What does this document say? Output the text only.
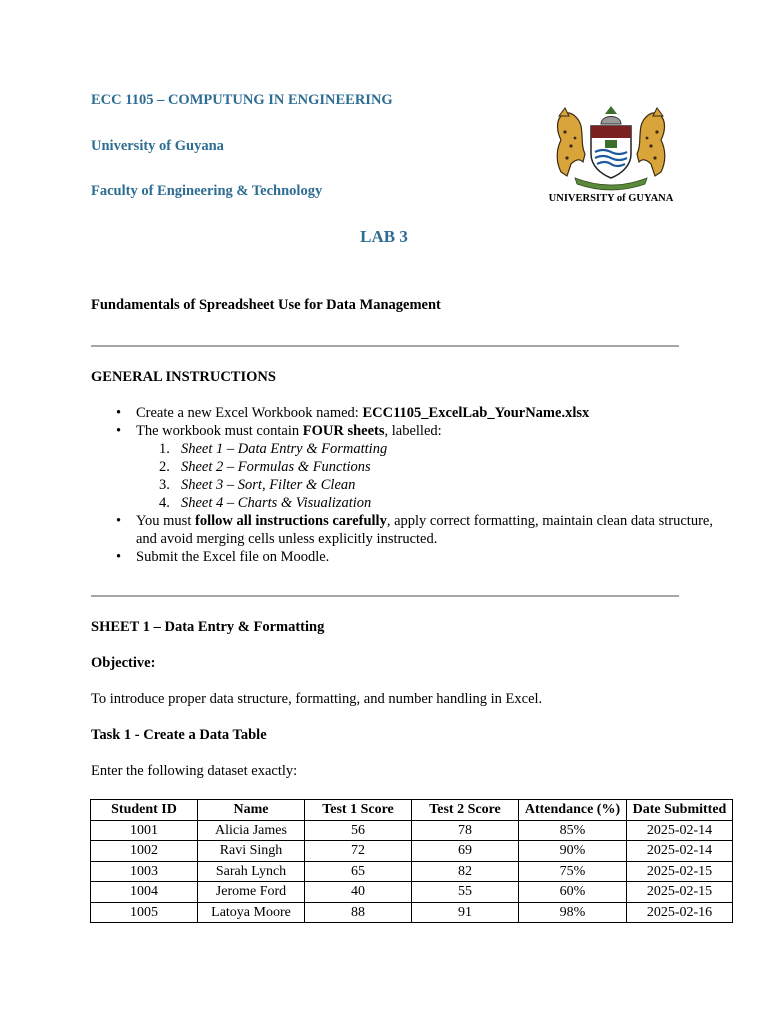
ECC 1105 – COMPUTUNG IN ENGINEERING
University of Guyana
Faculty of Engineering & Technology	UNIVERSITY of GUYANA
LAB 3
Fundamentals of Spreadsheet Use for Data Management
GENERAL INSTRUCTIONS
• Create a new Excel Workbook named: ECC1105_ExcelLab_YourName.xlsx
• The workbook must contain FOUR sheets, labelled:
1. Sheet 1 – Data Entry & Formatting
2. Sheet 2 – Formulas & Functions
3. Sheet 3 – Sort, Filter & Clean
4. Sheet 4 – Charts & Visualization
• You must follow all instructions carefully, apply correct formatting, maintain clean data structure, and avoid merging cells unless explicitly instructed.
• Submit the Excel file on Moodle.
SHEET 1 – Data Entry & Formatting
Objective:
To introduce proper data structure, formatting, and number handling in Excel.
Task 1 - Create a Data Table
Enter the following dataset exactly:
Student ID	Name	Test 1 Score	Test 2 Score	Attendance (%)	Date Submitted
1001	Alicia James	56	78	85%	2025-02-14
1002	Ravi Singh	72	69	90%	2025-02-14
1003	Sarah Lynch	65	82	75%	2025-02-15
1004	Jerome Ford	40	55	60%	2025-02-15
1005	Latoya Moore	88	91	98%	2025-02-16
